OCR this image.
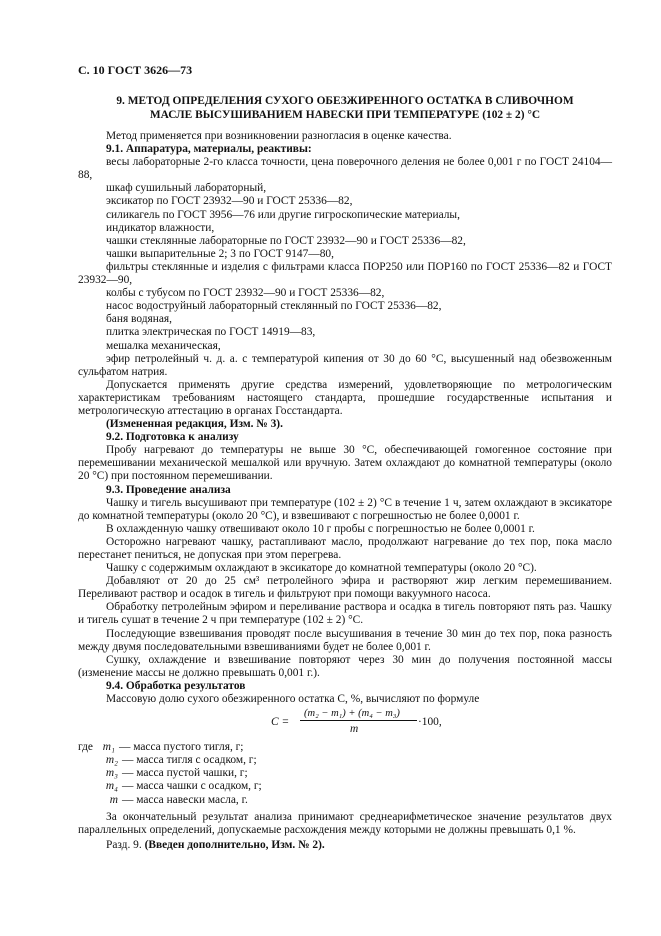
С. 10 ГОСТ 3626—73
9. МЕТОД ОПРЕДЕЛЕНИЯ СУХОГО ОБЕЗЖИРЕННОГО ОСТАТКА В СЛИВОЧНОМ
МАСЛЕ ВЫСУШИВАНИЕМ НАВЕСКИ ПРИ ТЕМПЕРАТУРЕ (102 ± 2) °С

Метод применяется при возникновении разногласия в оценке качества.

9.1. Аппаратура, материалы, реактивы:

весы лабораторные 2-го класса точности, цена поверочного деления не более 0,001 г по ГОСТ 24104—88,

шкаф сушильный лабораторный,

эксикатор по ГОСТ 23932—90 и ГОСТ 25336—82,

силикагель по ГОСТ 3956—76 или другие гигроскопические материалы,

индикатор влажности,

чашки стеклянные лабораторные по ГОСТ 23932—90 и ГОСТ 25336—82,

чашки выпарительные 2; 3 по ГОСТ 9147—80,

фильтры стеклянные и изделия с фильтрами класса ПОР250 или ПОР160 по ГОСТ 25336—82 и ГОСТ 23932—90,

колбы с тубусом по ГОСТ 23932—90 и ГОСТ 25336—82,

насос водоструйный лабораторный стеклянный по ГОСТ 25336—82,

баня водяная,

плитка электрическая по ГОСТ 14919—83,

мешалка механическая,

эфир петролейный ч. д. а. с температурой кипения от 30 до 60 °С, высушенный над обезвоженным сульфатом натрия.

Допускается применять другие средства измерений, удовлетворяющие по метрологическим характеристикам требованиям настоящего стандарта, прошедшие государственные испытания и метрологическую аттестацию в органах Госстандарта.

(Измененная редакция, Изм. № 3).

9.2. Подготовка к анализу

Пробу нагревают до температуры не выше 30 °С, обеспечивающей гомогенное состояние при перемешивании механической мешалкой или вручную. Затем охлаждают до комнатной температуры (около 20 °С) при постоянном перемешивании.

9.3. Проведение анализа

Чашку и тигель высушивают при температуре (102 ± 2) °С в течение 1 ч, затем охлаждают в эксикаторе до комнатной температуры (около 20 °С), и взвешивают с погрешностью не более 0,0001 г.

В охлажденную чашку отвешивают около 10 г пробы с погрешностью не более 0,0001 г.

Осторожно нагревают чашку, растапливают масло, продолжают нагревание до тех пор, пока масло перестанет пениться, не допуская при этом перегрева.

Чашку с содержимым охлаждают в эксикаторе до комнатной температуры (около 20 °С).

Добавляют от 20 до 25 см³ петролейного эфира и растворяют жир легким перемешиванием. Переливают раствор и осадок в тигель и фильтруют при помощи вакуумного насоса.

Обработку петролейным эфиром и переливание раствора и осадка в тигель повторяют пять раз. Чашку и тигель сушат в течение 2 ч при температуре (102 ± 2) °С.

Последующие взвешивания проводят после высушивания в течение 30 мин до тех пор, пока разность между двумя последовательными взвешиваниями будет не более 0,001 г.

Сушку, охлаждение и взвешивание повторяют через 30 мин до получения постоянной массы (изменение массы не должно превышать 0,001 г.).

9.4. Обработка результатов

Массовую долю сухого обезжиренного остатка С, %, вычисляют по формуле

С =
(m₂ − m₁) + (m₄ − m₃)
m
·100,

где m₁ — масса пустого тигля, г;

m₂ — масса тигля с осадком, г;

m₃ — масса пустой чашки, г;

m₄ — масса чашки с осадком, г;

m — масса навески масла, г.

За окончательный результат анализа принимают среднеарифметическое значение результатов двух параллельных определений, допускаемые расхождения между которыми не должны превышать 0,1 %.

Разд. 9. (Введен дополнительно, Изм. № 2).
